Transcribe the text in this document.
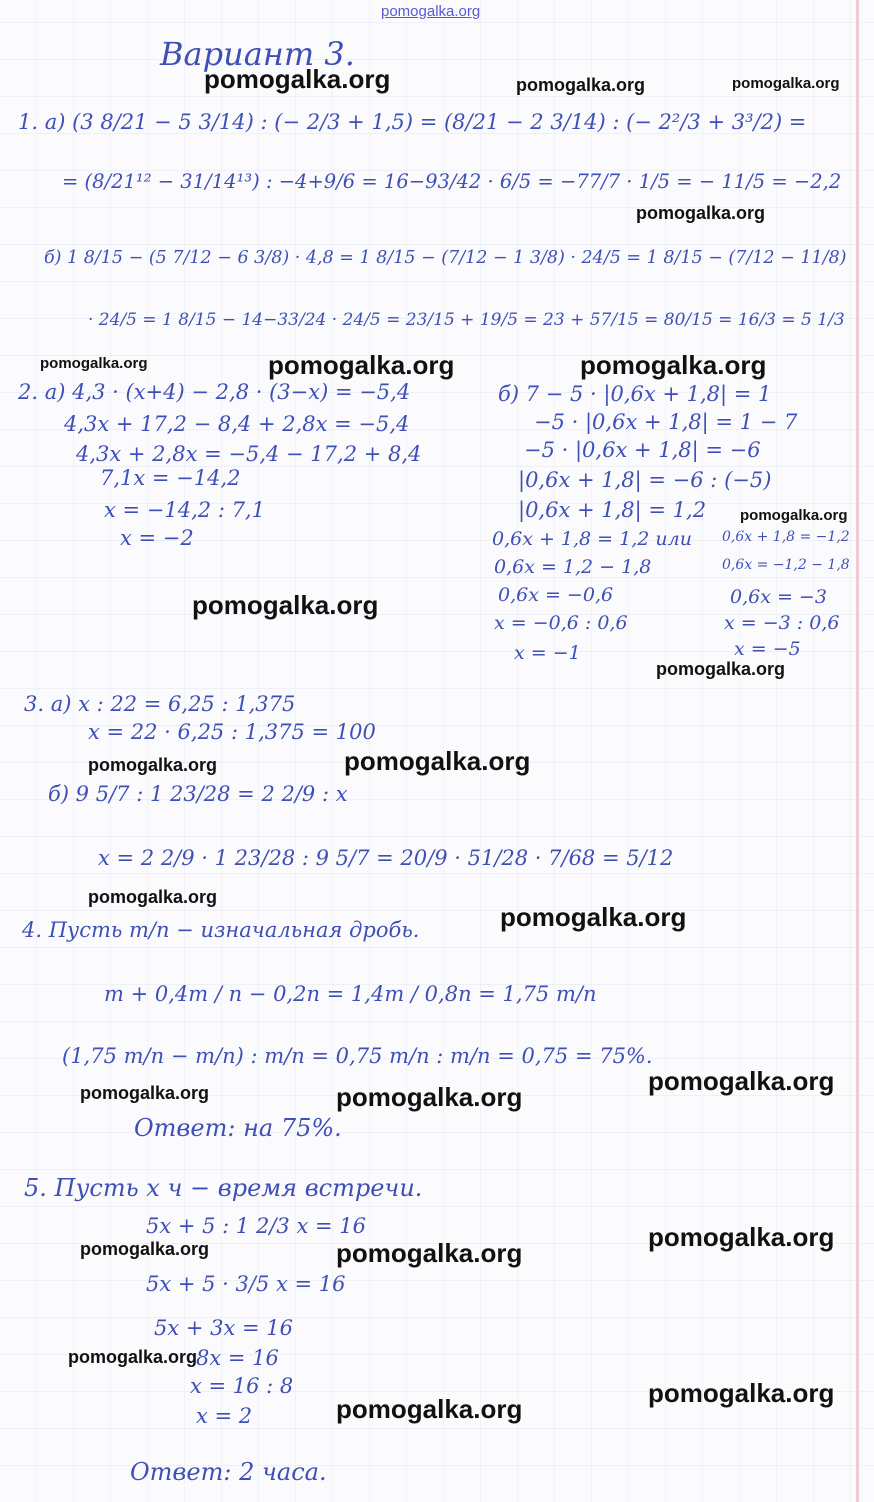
pomogalka.org
Вариант 3.
1. а) (3 8/21 − 5 3/14) : (− 2/3 + 1,5) = (8/21 − 2 3/14) : (− 2²/3 + 3³/2) =
= (8/21¹² − 31/14¹³) : −4+9/6 = 16−93/42 · 6/5 = −77/7 · 1/5 = − 11/5 = −2,2
б) 1 8/15 − (5 7/12 − 6 3/8) · 4,8 = 1 8/15 − (7/12 − 1 3/8) · 24/5 = 1 8/15 − (7/12 − 11/8)
· 24/5 = 1 8/15 − 14−33/24 · 24/5 = 23/15 + 19/5 = 23 + 57/15 = 80/15 = 16/3 = 5 1/3
2. а) 4,3 · (x+4) − 2,8 · (3−x) = −5,4
4,3x + 17,2 − 8,4 + 2,8x = −5,4
4,3x + 2,8x = −5,4 − 17,2 + 8,4
7,1x = −14,2
x = −14,2 : 7,1
x = −2
б) 7 − 5 · |0,6x + 1,8| = 1
−5 · |0,6x + 1,8| = 1 − 7
−5 · |0,6x + 1,8| = −6
|0,6x + 1,8| = −6 : (−5)
|0,6x + 1,8| = 1,2
0,6x + 1,8 = 1,2 или 0,6x + 1,8 = −1,2
0,6x = 1,2 − 1,8	0,6x = −1,2 − 1,8
0,6x = −0,6	0,6x = −3
x = −0,6 : 0,6	x = −3 : 0,6
x = −1	x = −5
3. а) x : 22 = 6,25 : 1,375
x = 22 · 6,25 : 1,375 = 100
б) 9 5/7 : 1 23/28 = 2 2/9 : x
x = 2 2/9 · 1 23/28 : 9 5/7 = 20/9 · 51/28 · 7/68 = 5/12
4. Пусть m/n − изначальная дробь.
m + 0,4m / n − 0,2n = 1,4m / 0,8n = 1,75 m/n
(1,75 m/n − m/n) : m/n = 0,75 m/n : m/n = 0,75 = 75%.
Ответ: на 75%.
5. Пусть x ч − время встречи.
5x + 5 : 1 2/3 x = 16
5x + 5 · 3/5 x = 16
5x + 3x = 16
8x = 16
x = 16 : 8
x = 2
Ответ: 2 часа.
pomogalka.org	pomogalka.org	pomogalka.org
pomogalka.org
pomogalka.org	pomogalka.org	pomogalka.org
pomogalka.org
pomogalka.org
pomogalka.org
pomogalka.org	pomogalka.org
pomogalka.org
pomogalka.org
pomogalka.org
pomogalka.org	pomogalka.org
pomogalka.org
pomogalka.org	pomogalka.org
pomogalka.org
pomogalka.org
pomogalka.org
